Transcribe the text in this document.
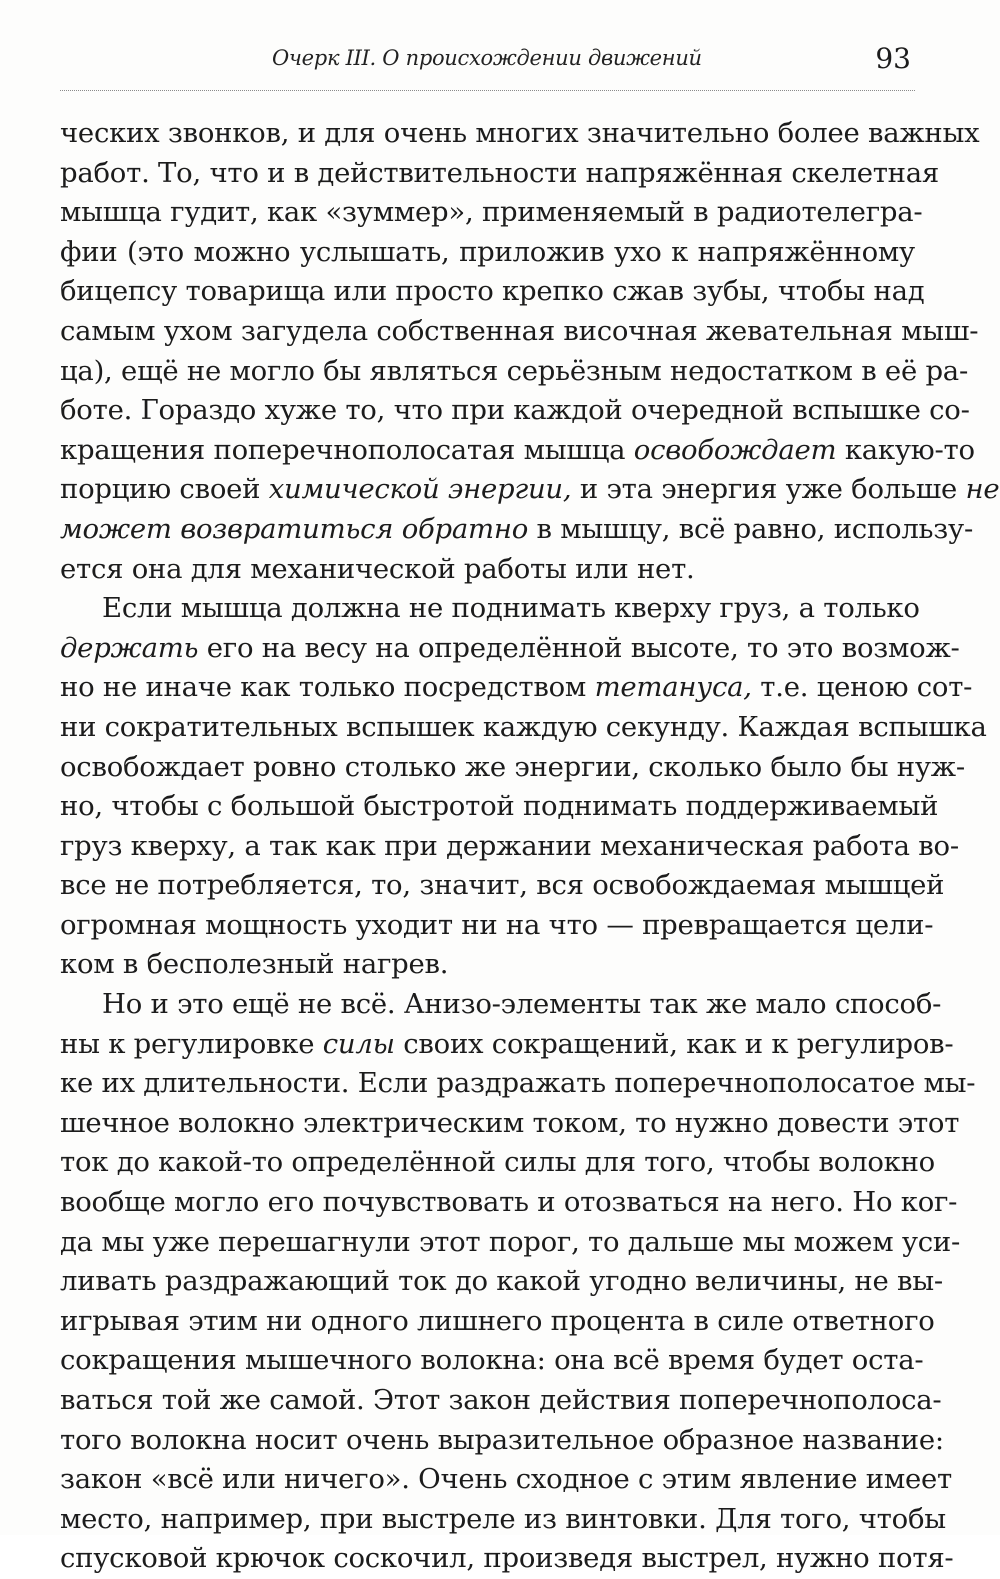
Очерк III. О происхождении движений	93
ческих звонков, и для очень многих значительно более важных
работ. То, что и в действительности напряжённая скелетная
мышца гудит, как «зуммер», применяемый в радиотелегра-
фии (это можно услышать, приложив ухо к напряжённому
бицепсу товарища или просто крепко сжав зубы, чтобы над
самым ухом загудела собственная височная жевательная мыш-
ца), ещё не могло бы являться серьёзным недостатком в её ра-
боте. Гораздо хуже то, что при каждой очередной вспышке со-
кращения поперечнополосатая мышца освобождает какую-то
порцию своей химической энергии, и эта энергия уже больше не
может возвратиться обратно в мышцу, всё равно, использу-
ется она для механической работы или нет.
Если мышца должна не поднимать кверху груз, а только
держать его на весу на определённой высоте, то это возмож-
но не иначе как только посредством тетануса, т.е. ценою сот-
ни сократительных вспышек каждую секунду. Каждая вспышка
освобождает ровно столько же энергии, сколько было бы нуж-
но, чтобы с большой быстротой поднимать поддерживаемый
груз кверху, а так как при держании механическая работа во-
все не потребляется, то, значит, вся освобождаемая мышцей
огромная мощность уходит ни на что — превращается цели-
ком в бесполезный нагрев.
Но и это ещё не всё. Анизо-элементы так же мало способ-
ны к регулировке силы своих сокращений, как и к регулиров-
ке их длительности. Если раздражать поперечнополосатое мы-
шечное волокно электрическим током, то нужно довести этот
ток до какой-то определённой силы для того, чтобы волокно
вообще могло его почувствовать и отозваться на него. Но ког-
да мы уже перешагнули этот порог, то дальше мы можем уси-
ливать раздражающий ток до какой угодно величины, не вы-
игрывая этим ни одного лишнего процента в силе ответного
сокращения мышечного волокна: она всё время будет оста-
ваться той же самой. Этот закон действия поперечнополоса-
того волокна носит очень выразительное образное название:
закон «всё или ничего». Очень сходное с этим явление имеет
место, например, при выстреле из винтовки. Для того, чтобы
спусковой крючок соскочил, произведя выстрел, нужно потя-
